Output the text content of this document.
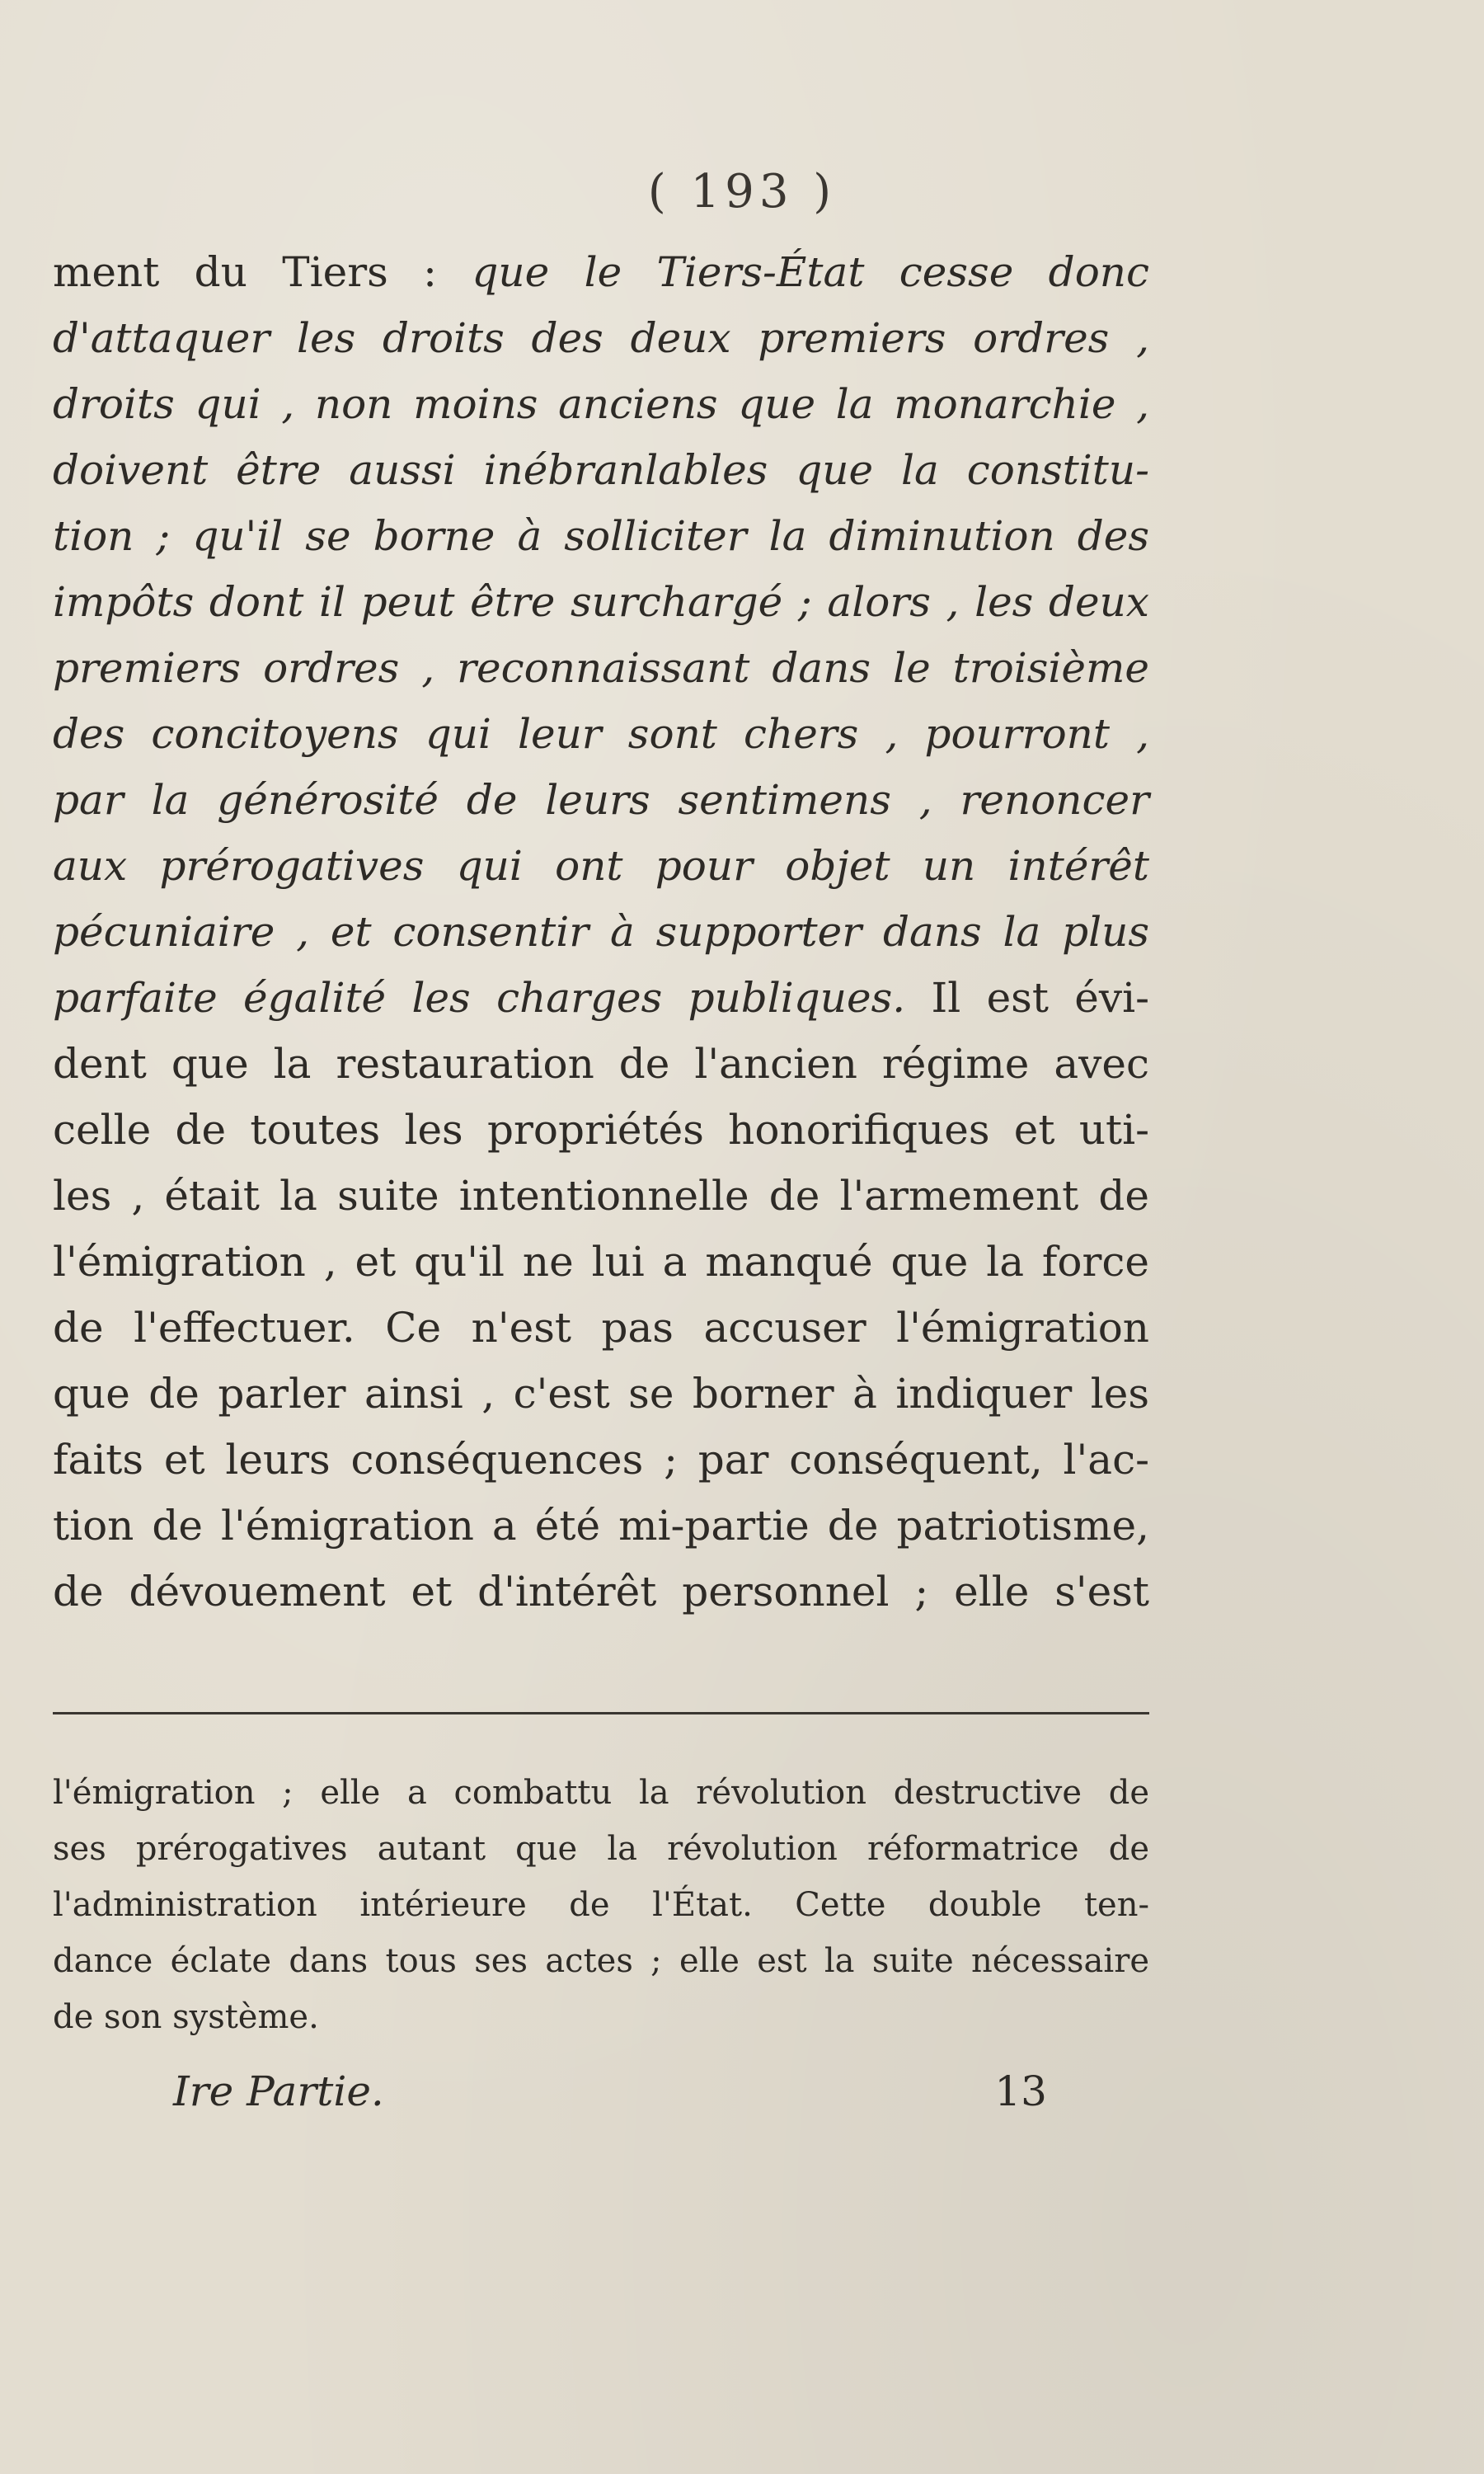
( 193 )
ment du Tiers : que le Tiers-État cesse donc
d'attaquer les droits des deux premiers ordres ,
droits qui , non moins anciens que la monarchie ,
doivent être aussi inébranlables que la constitu-
tion ; qu'il se borne à solliciter la diminution des
impôts dont il peut être surchargé ; alors , les deux
premiers ordres , reconnaissant dans le troisième
des concitoyens qui leur sont chers , pourront ,
par la générosité de leurs sentimens , renoncer
aux prérogatives qui ont pour objet un intérêt
pécuniaire , et consentir à supporter dans la plus
parfaite égalité les charges publiques. Il est évi-
dent que la restauration de l'ancien régime avec
celle de toutes les propriétés honorifiques et uti-
les , était la suite intentionnelle de l'armement de
l'émigration , et qu'il ne lui a manqué que la force
de l'effectuer. Ce n'est pas accuser l'émigration
que de parler ainsi , c'est se borner à indiquer les
faits et leurs conséquences ; par conséquent, l'ac-
tion de l'émigration a été mi-partie de patriotisme,
de dévouement et d'intérêt personnel ; elle s'est
l'émigration ; elle a combattu la révolution destructive de
ses prérogatives autant que la révolution réformatrice de
l'administration intérieure de l'État. Cette double ten-
dance éclate dans tous ses actes ; elle est la suite nécessaire
de son système.
Ire Partie.	13
